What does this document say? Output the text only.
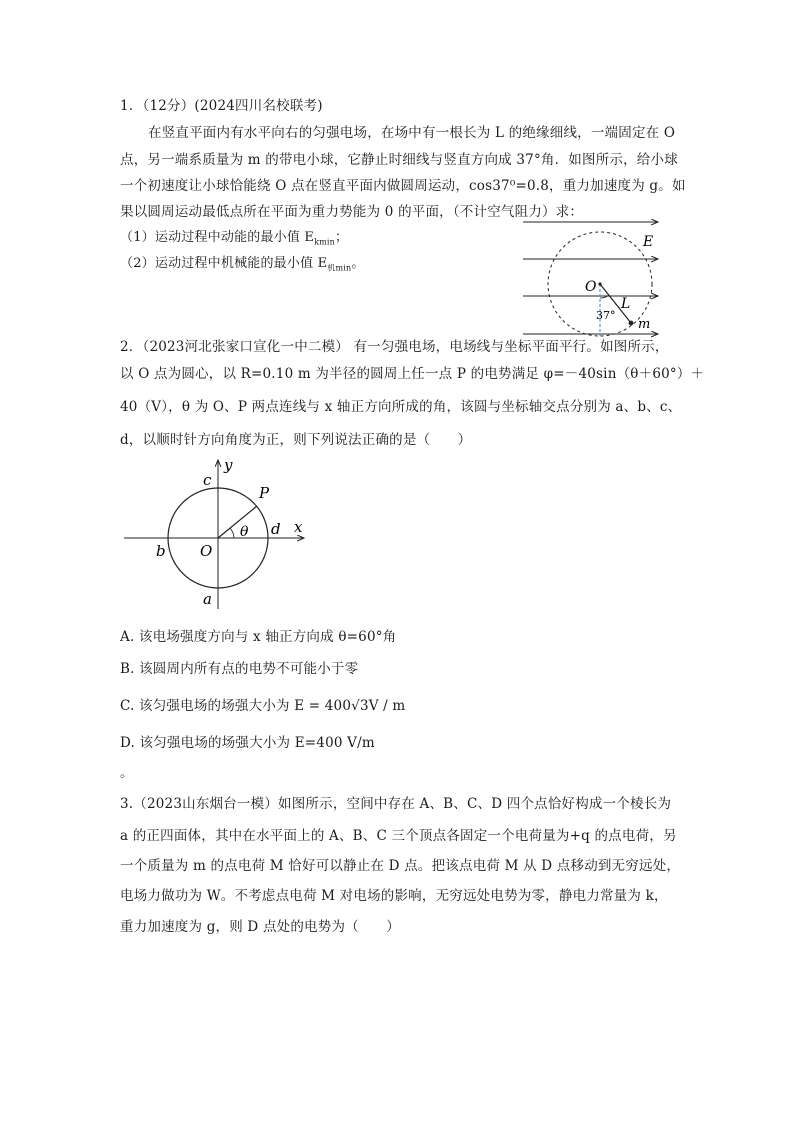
1．（12分）(2024四川名校联考)
在竖直平面内有水平向右的匀强电场，在场中有一根长为 L 的绝缘细线，一端固定在 O
点，另一端系质量为 m 的带电小球，它静止时细线与竖直方向成 37°角．如图所示，给小球
一个初速度让小球恰能绕 O 点在竖直平面内做圆周运动，cos37⁰=0.8，重力加速度为 g。如
果以圆周运动最低点所在平面为重力势能为 0 的平面，（不计空气阻力）求：
（1）运动过程中动能的最小值 $E_{kmin}$；
（2）运动过程中机械能的最小值 $E_{机min}$。
E
O
L
m
37°
2．（2023河北张家口宣化一中二模） 有一匀强电场，电场线与坐标平面平行。如图所示，
以 O 点为圆心，以 R=0.10 m 为半径的圆周上任一点 P 的电势满足 φ=－40sin（θ＋60°）＋
40（V），θ 为 O、P 两点连线与 x 轴正方向所成的角，该圆与坐标轴交点分别为 a、b、c、
d，以顺时针方向角度为正，则下列说法正确的是（　　）
y
x
c
P
θ d
b O
a
A. 该电场强度方向与 x 轴正方向成 θ=60°角
B. 该圆周内所有点的电势不可能小于零
C. 该匀强电场的场强大小为 E = 400√3V / m
D. 该匀强电场的场强大小为 E=400 V/m
。
3.（2023山东烟台一模）如图所示，空间中存在 A、B、C、D 四个点恰好构成一个棱长为
a 的正四面体，其中在水平面上的 A、B、C 三个顶点各固定一个电荷量为+q 的点电荷，另
一个质量为 m 的点电荷 M 恰好可以静止在 D 点。把该点电荷 M 从 D 点移动到无穷远处，
电场力做功为 W。不考虑点电荷 M 对电场的影响，无穷远处电势为零，静电力常量为 k，
重力加速度为 g，则 D 点处的电势为（　　）
